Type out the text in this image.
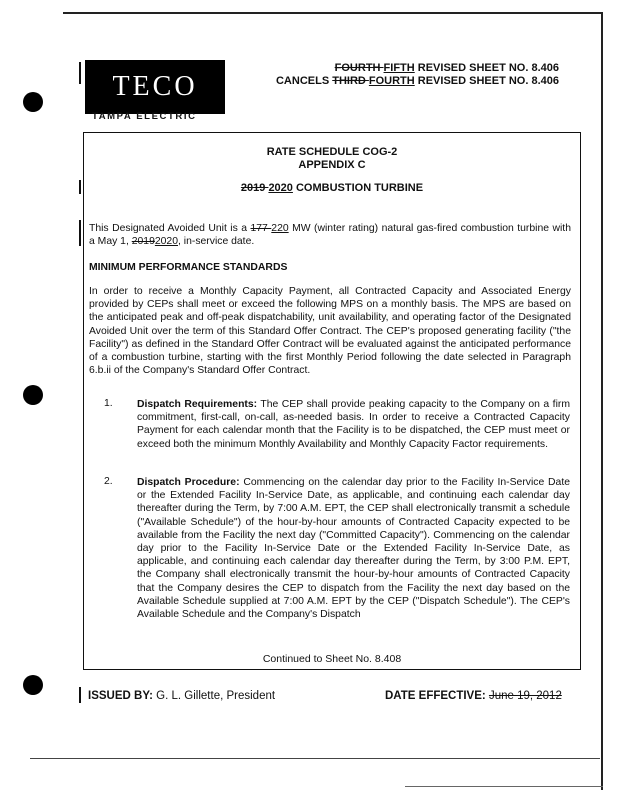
TECO
TAMPA ELECTRIC
FOURTH FIFTH REVISED SHEET NO. 8.406
CANCELS THIRD FOURTH REVISED SHEET NO. 8.406
RATE SCHEDULE COG-2
APPENDIX C
2019 2020 COMBUSTION TURBINE
This Designated Avoided Unit is a 177 220 MW (winter rating) natural gas-fired combustion turbine with a May 1, 20192020, in-service date.
MINIMUM PERFORMANCE STANDARDS
In order to receive a Monthly Capacity Payment, all Contracted Capacity and Associated Energy provided by CEPs shall meet or exceed the following MPS on a monthly basis. The MPS are based on the anticipated peak and off-peak dispatchability, unit availability, and operating factor of the Designated Avoided Unit over the term of this Standard Offer Contract. The CEP's proposed generating facility ("the Facility") as defined in the Standard Offer Contract will be evaluated against the anticipated performance of a combustion turbine, starting with the first Monthly Period following the date selected in Paragraph 6.b.ii of the Company's Standard Offer Contract.
1. Dispatch Requirements: The CEP shall provide peaking capacity to the Company on a firm commitment, first-call, on-call, as-needed basis. In order to receive a Contracted Capacity Payment for each calendar month that the Facility is to be dispatched, the CEP must meet or exceed both the minimum Monthly Availability and Monthly Capacity Factor requirements.
2. Dispatch Procedure: Commencing on the calendar day prior to the Facility In-Service Date or the Extended Facility In-Service Date, as applicable, and continuing each calendar day thereafter during the Term, by 7:00 A.M. EPT, the CEP shall electronically transmit a schedule ("Available Schedule") of the hour-by-hour amounts of Contracted Capacity expected to be available from the Facility the next day ("Committed Capacity"). Commencing on the calendar day prior to the Facility In-Service Date or the Extended Facility In-Service Date, as applicable, and continuing each calendar day thereafter during the Term, by 3:00 P.M. EPT, the Company shall electronically transmit the hour-by-hour amounts of Contracted Capacity that the Company desires the CEP to dispatch from the Facility the next day based on the Available Schedule supplied at 7:00 A.M. EPT by the CEP ("Dispatch Schedule"). The CEP's Available Schedule and the Company's Dispatch
Continued to Sheet No. 8.408
ISSUED BY: G. L. Gillette, President	DATE EFFECTIVE: June 19, 2012
